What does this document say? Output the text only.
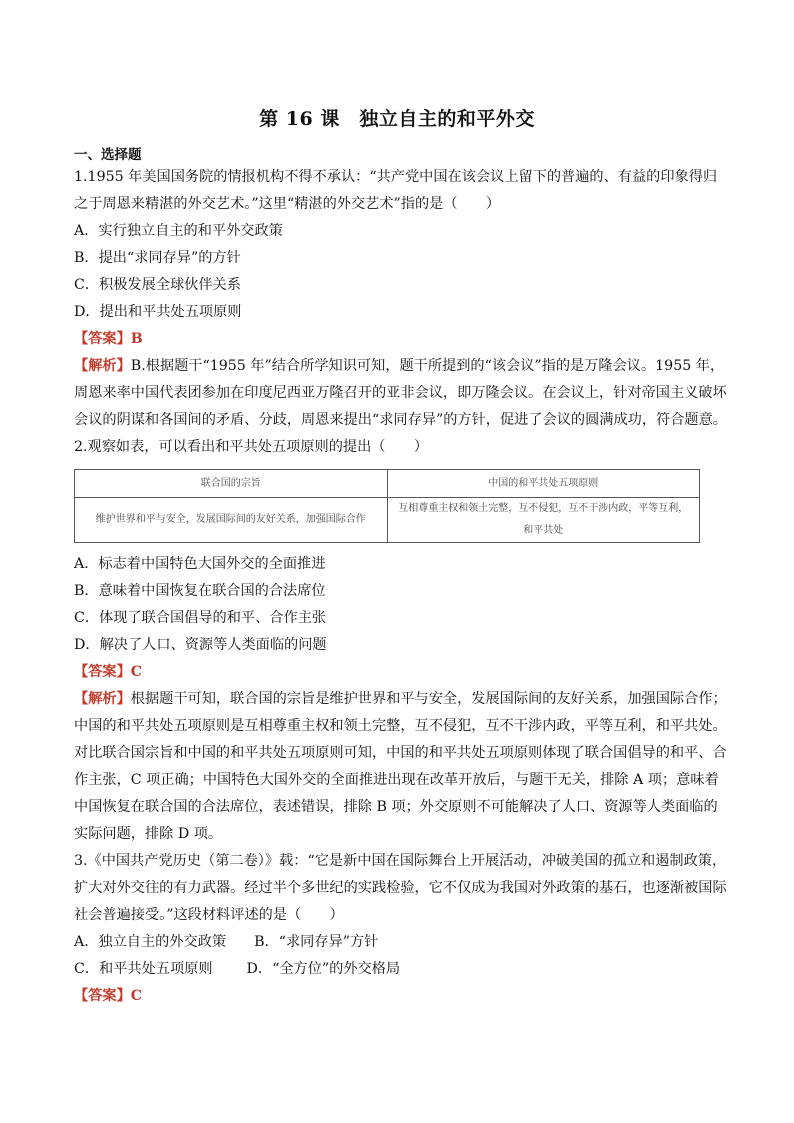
第 16 课　独立自主的和平外交
一、选择题

1.1955 年美国国务院的情报机构不得不承认：“共产党中国在该会议上留下的普遍的、有益的印象得归之于周恩来精湛的外交艺术。”这里“精湛的外交艺术”指的是（　　）

A．实行独立自主的和平外交政策

B．提出“求同存异”的方针

C．积极发展全球伙伴关系

D．提出和平共处五项原则

【答案】B

【解析】B.根据题干“1955 年”结合所学知识可知，题干所提到的“该会议”指的是万隆会议。1955 年，周恩来率中国代表团参加在印度尼西亚万隆召开的亚非会议，即万隆会议。在会议上，针对帝国主义破坏会议的阴谋和各国间的矛盾、分歧，周恩来提出“求同存异”的方针，促进了会议的圆满成功，符合题意。

2.观察如表，可以看出和平共处五项原则的提出（　　）

联合国的宗旨	中国的和平共处五项原则
维护世界和平与安全，发展国际间的友好关系，加强国际合作	互相尊重主权和领土完整，互不侵犯，互不干涉内政，平等互利，和平共处

A．标志着中国特色大国外交的全面推进

B．意味着中国恢复在联合国的合法席位

C．体现了联合国倡导的和平、合作主张

D．解决了人口、资源等人类面临的问题

【答案】C

【解析】根据题干可知，联合国的宗旨是维护世界和平与安全，发展国际间的友好关系，加强国际合作；中国的和平共处五项原则是互相尊重主权和领土完整，互不侵犯，互不干涉内政，平等互利，和平共处。对比联合国宗旨和中国的和平共处五项原则可知，中国的和平共处五项原则体现了联合国倡导的和平、合作主张，C 项正确；中国特色大国外交的全面推进出现在改革开放后，与题干无关，排除 A 项；意味着中国恢复在联合国的合法席位，表述错误，排除 B 项；外交原则不可能解决了人口、资源等人类面临的实际问题，排除 D 项。

3.《中国共产党历史（第二卷）》载：“它是新中国在国际舞台上开展活动，冲破美国的孤立和遏制政策，扩大对外交往的有力武器。经过半个多世纪的实践检验，它不仅成为我国对外政策的基石，也逐渐被国际社会普遍接受。”这段材料评述的是（　　）

A．独立自主的外交政策 B．“求同存异”方针

C．和平共处五项原则 D．“全方位”的外交格局

【答案】C
